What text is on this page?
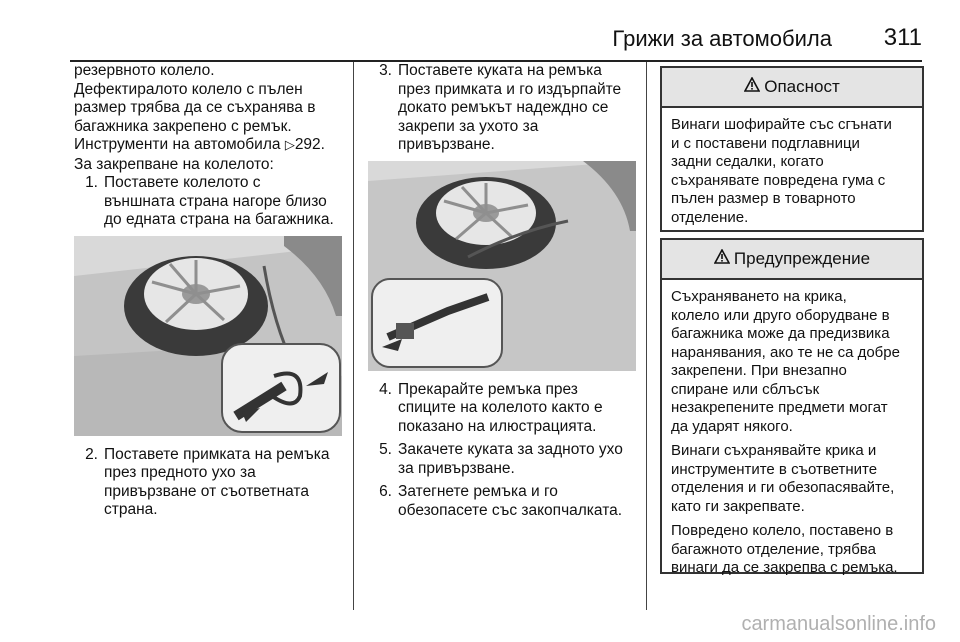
Грижи за автомобила 311

резервното колело.

Дефектиралото колело с пълен

размер трябва да се съхранява в

багажника закрепено с ремък.

Инструменти на автомобила ▷292.

За закрепване на колелото:

1. Поставете колелото с

външната страна нагоре близо

до едната страна на багажника.

2. Поставете примката на ремъка

през предното ухо за

привързване от съответната

страна.

3. Поставете куката на ремъка

през примката и го издърпайте

докато ремъкът надеждно се

закрепи за ухото за

привързване.

4. Прекарайте ремъка през

спиците на колелото както е

показано на илюстрацията.

5. Закачете куката за задното ухо

за привързване.

6. Затегнете ремъка и го

обезопасете със закопчалката.

Опасност
Винаги шофирайте със сгънати
и с поставени подглавници
задни седалки, когато
съхранявате повредена гума с
пълен размер в товарното
отделение.
Предупреждение

Съхраняването на крика,
колело или друго оборудване в
багажника може да предизвика
наранявания, ако те не са добре
закрепени. При внезапно
спиране или сблъсък
незакрепените предмети могат
да ударят някого.

Винаги съхранявайте крика и
инструментите в съответните
отделения и ги обезопасявайте,
като ги закрепвате.

Повредено колело, поставено в
багажното отделение, трябва
винаги да се закрепва с ремъка.

carmanualsonline.info
